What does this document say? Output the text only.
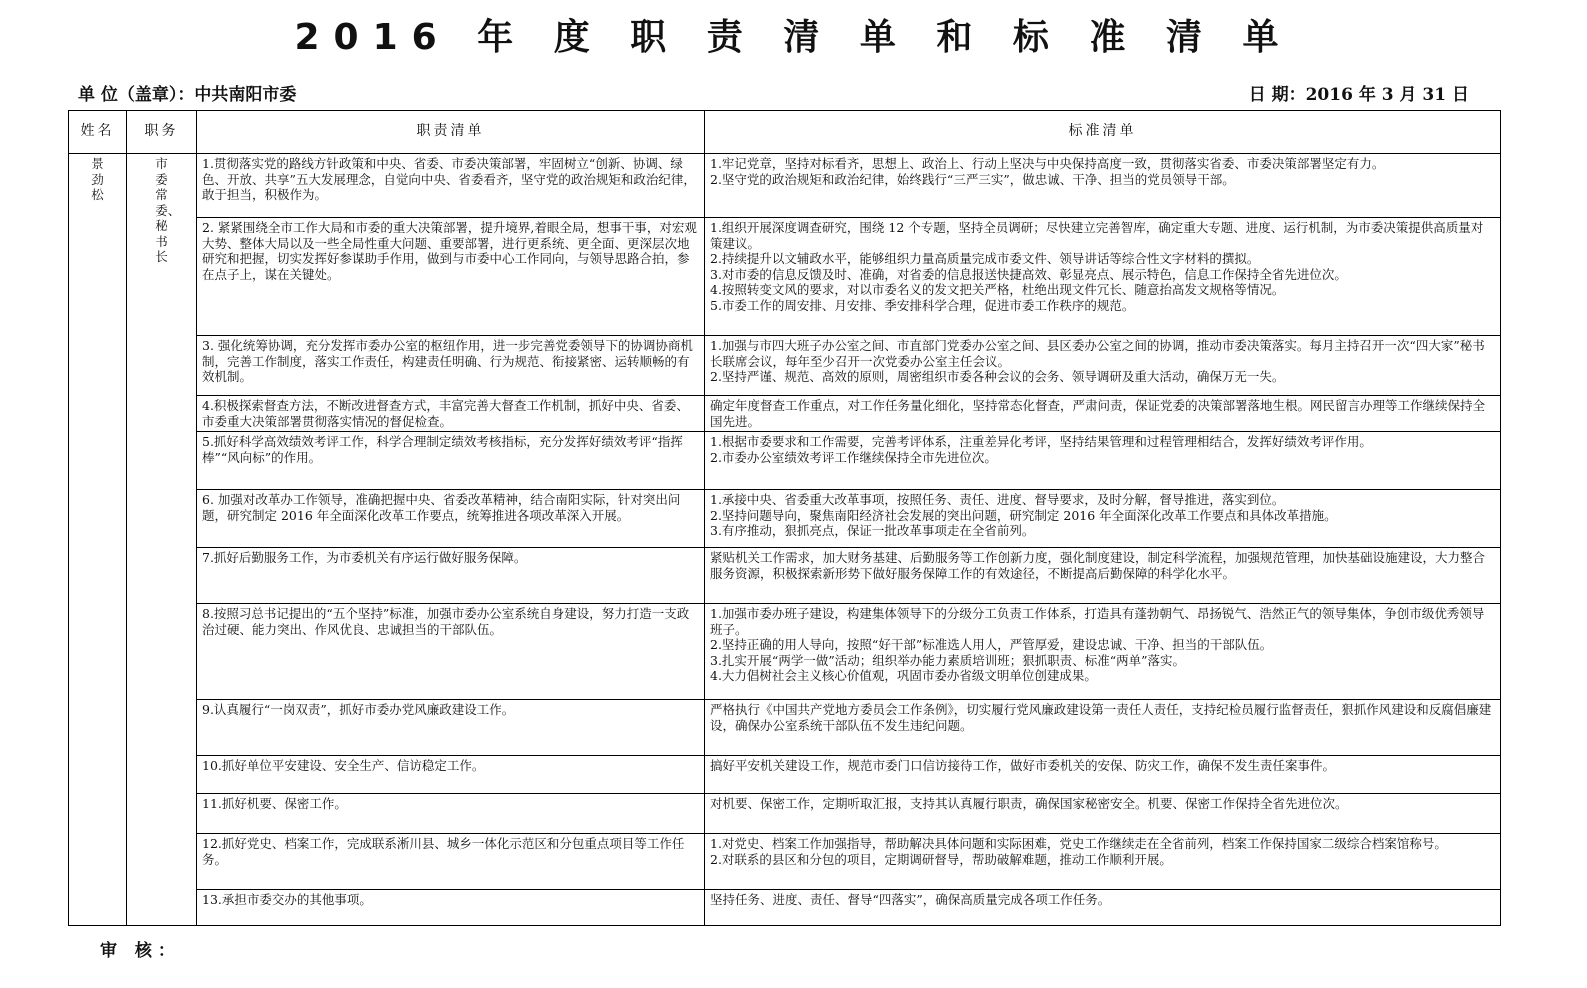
2016 年 度 职 责 清 单 和 标 准 清 单
单 位（盖章）：中共南阳市委	日 期：2016 年 3 月 31 日
姓名	职务	职责清单	标准清单
景劲松	市委常委、秘书长	1.贯彻落实党的路线方针政策和中央、省委、市委决策部署，牢固树立“创新、协调、绿色、开放、共享”五大发展理念，自觉向中央、省委看齐，坚守党的政治规矩和政治纪律，敢于担当，积极作为。	1.牢记党章，坚持对标看齐，思想上、政治上、行动上坚决与中央保持高度一致，贯彻落实省委、市委决策部署坚定有力。
2.坚守党的政治规矩和政治纪律，始终践行“三严三实”，做忠诚、干净、担当的党员领导干部。

		2. 紧紧围绕全市工作大局和市委的重大决策部署，提升境界,着眼全局，想事干事，对宏观大势、整体大局以及一些全局性重大问题、重要部署，进行更系统、更全面、更深层次地研究和把握，切实发挥好参谋助手作用，做到与市委中心工作同向，与领导思路合拍，参在点子上，谋在关键处。	1.组织开展深度调查研究，围绕 12 个专题，坚持全员调研；尽快建立完善智库，确定重大专题、进度、运行机制，为市委决策提供高质量对策建议。
2.持续提升以文辅政水平，能够组织力量高质量完成市委文件、领导讲话等综合性文字材料的撰拟。
3.对市委的信息反馈及时、准确，对省委的信息报送快捷高效、彰显亮点、展示特色，信息工作保持全省先进位次。
4.按照转变文风的要求，对以市委名义的发文把关严格，杜绝出现文件冗长、随意抬高发文规格等情况。
5.市委工作的周安排、月安排、季安排科学合理，促进市委工作秩序的规范。

		3. 强化统筹协调，充分发挥市委办公室的枢纽作用，进一步完善党委领导下的协调协商机制，完善工作制度，落实工作责任，构建责任明确、行为规范、衔接紧密、运转顺畅的有效机制。	1.加强与市四大班子办公室之间、市直部门党委办公室之间、县区委办公室之间的协调，推动市委决策落实。每月主持召开一次“四大家”秘书长联席会议，每年至少召开一次党委办公室主任会议。
2.坚持严谨、规范、高效的原则，周密组织市委各种会议的会务、领导调研及重大活动，确保万无一失。

		4.积极探索督查方法，不断改进督查方式，丰富完善大督查工作机制，抓好中央、省委、市委重大决策部署贯彻落实情况的督促检查。	确定年度督查工作重点，对工作任务量化细化，坚持常态化督查，严肃问责，保证党委的决策部署落地生根。网民留言办理等工作继续保持全国先进。

		5.抓好科学高效绩效考评工作，科学合理制定绩效考核指标，充分发挥好绩效考评“指挥棒”“风向标”的作用。	1.根据市委要求和工作需要，完善考评体系，注重差异化考评，坚持结果管理和过程管理相结合，发挥好绩效考评作用。
2.市委办公室绩效考评工作继续保持全市先进位次。

		6. 加强对改革办工作领导，准确把握中央、省委改革精神，结合南阳实际，针对突出问题，研究制定 2016 年全面深化改革工作要点，统筹推进各项改革深入开展。	1.承接中央、省委重大改革事项，按照任务、责任、进度、督导要求，及时分解，督导推进，落实到位。
2.坚持问题导向，聚焦南阳经济社会发展的突出问题，研究制定 2016 年全面深化改革工作要点和具体改革措施。
3.有序推动，狠抓亮点，保证一批改革事项走在全省前列。

		7.抓好后勤服务工作，为市委机关有序运行做好服务保障。	紧贴机关工作需求，加大财务基建、后勤服务等工作创新力度，强化制度建设，制定科学流程，加强规范管理，加快基础设施建设，大力整合服务资源，积极探索新形势下做好服务保障工作的有效途径，不断提高后勤保障的科学化水平。

		8.按照习总书记提出的“五个坚持”标准，加强市委办公室系统自身建设，努力打造一支政治过硬、能力突出、作风优良、忠诚担当的干部队伍。	1.加强市委办班子建设，构建集体领导下的分级分工负责工作体系，打造具有蓬勃朝气、昂扬锐气、浩然正气的领导集体，争创市级优秀领导班子。
2.坚持正确的用人导向，按照“好干部”标准选人用人，严管厚爱，建设忠诚、干净、担当的干部队伍。
3.扎实开展“两学一做”活动；组织举办能力素质培训班；狠抓职责、标准“两单”落实。
4.大力倡树社会主义核心价值观，巩固市委办省级文明单位创建成果。

		9.认真履行“一岗双责”，抓好市委办党风廉政建设工作。	严格执行《中国共产党地方委员会工作条例》，切实履行党风廉政建设第一责任人责任，支持纪检员履行监督责任，狠抓作风建设和反腐倡廉建设，确保办公室系统干部队伍不发生违纪问题。

		10.抓好单位平安建设、安全生产、信访稳定工作。	搞好平安机关建设工作，规范市委门口信访接待工作，做好市委机关的安保、防灾工作，确保不发生责任案事件。

		11.抓好机要、保密工作。	对机要、保密工作，定期听取汇报，支持其认真履行职责，确保国家秘密安全。机要、保密工作保持全省先进位次。

		12.抓好党史、档案工作，完成联系淅川县、城乡一体化示范区和分包重点项目等工作任务。	1.对党史、档案工作加强指导，帮助解决具体问题和实际困难，党史工作继续走在全省前列，档案工作保持国家二级综合档案馆称号。
2.对联系的县区和分包的项目，定期调研督导，帮助破解难题，推动工作顺利开展。

		13.承担市委交办的其他事项。	坚持任务、进度、责任、督导“四落实”，确保高质量完成各项工作任务。
审 核：
